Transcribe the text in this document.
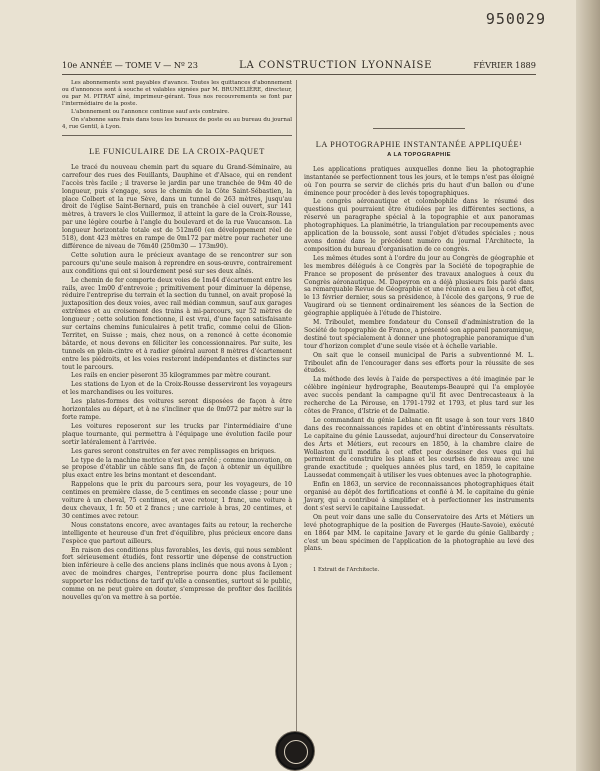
950029
10e ANNÉE — TOME V — Nº 23	LA CONSTRUCTION LYONNAISE	FÉVRIER 1889

Les abonnements sont payables d'avance. Toutes les quittances d'abonnement ou d'annonces sont à souche et valables signées par M. BRUNELIÈRE, directeur, ou par M. PITRAT aîné, imprimeur-gérant. Tous nos recouvrements se font par l'intermédiaire de la poste.

L'abonnement ou l'annonce continue sauf avis contraire.

On s'abonne sans frais dans tous les bureaux de poste ou au bureau du journal 4, rue Gentil, à Lyon.

LE FUNICULAIRE DE LA CROIX-PAQUET

Le tracé du nouveau chemin part du square du Grand-Séminaire, au carrefour des rues des Feuillants, Dauphine et d'Alsace, qui en rendent l'accès très facile ; il traverse le jardin par une tranchée de 94m 40 de longueur, puis s'engage, sous le chemin de la Côte Saint-Sébastien, la place Colbert et la rue Sève, dans un tunnel de 263 mètres, jusqu'au droit de l'église Saint-Bernard, puis en tranchée à ciel ouvert, sur 141 mètres, à travers le clos Vuillermoz, il atteint la gare de la Croix-Rousse, par une légère courbe à l'angle du boulevard et de la rue Vaucanson. La longueur horizontale totale est de 512m60 (en développement réel de 518), dont 423 mètres en rampe de 0m172 par mètre pour racheter une différence de niveau de 76m40 (250m30 — 173m90).

Cette solution aura le précieux avantage de se rencontrer sur son parcours qu'une seule maison à reprendre en sous-œuvre, contrairement aux conditions qui ont si lourdement pesé sur ses deux aînés.

Le chemin de fer comporte deux voies de 1m44 d'écartement entre les rails, avec 1m00 d'entrevoie ; primitivement pour diminuer la dépense, réduire l'entreprise du terrain et la section du tunnel, on avait proposé la juxtaposition des deux voies, avec rail médian commun, sauf aux garages extrêmes et au croisement des trains à mi-parcours, sur 52 mètres de longueur ; cette solution fonctionne, il est vrai, d'une façon satisfaisante sur certains chemins funiculaires à petit trafic, comme celui de Glion-Territet, en Suisse ; mais, chez nous, on a renoncé à cette économie bâtarde, et nous devons en féliciter les concessionnaires. Par suite, les tunnels en plein-cintre et à radier général auront 8 mètres d'écartement entre les piédroits, et les voies resteront indépendantes et distinctes sur tout le parcours.

Les rails en encier pèseront 35 kilogrammes par mètre courant.

Les stations de Lyon et de la Croix-Rousse desserviront les voyageurs et les marchandises ou les voitures.

Les plates-formes des voitures seront disposées de façon à être horizontales au départ, et à ne s'incliner que de 0m072 par mètre sur la forte rampe.

Les voitures reposeront sur les trucks par l'intermédiaire d'une plaque tournante, qui permettra à l'équipage une évolution facile pour sortir latéralement à l'arrivée.

Les gares seront construites en fer avec remplissages en briques.

Le type de la machine motrice n'est pas arrêté ; comme innovation, on se propose d'établir un câble sans fin, de façon à obtenir un équilibre plus exact entre les brins montant et descendant.

Rappelons que le prix du parcours sera, pour les voyageurs, de 10 centimes en première classe, de 5 centimes en seconde classe ; pour une voiture à un cheval, 75 centimes, et avec retour, 1 franc, une voiture à deux chevaux, 1 fr. 50 et 2 francs ; une carriole à bras, 20 centimes, et 30 centimes avec retour.

Nous constatons encore, avec avantages faits au retour, la recherche intelligente et heureuse d'un fret d'équilibre, plus précieux encore dans l'espèce que partout ailleurs.

En raison des conditions plus favorables, les devis, qui nous semblent fort sérieusement étudiés, font ressortir une dépense de construction bien inférieure à celle des anciens plans inclinés que nous avons à Lyon ; avec de moindres charges, l'entreprise pourra donc plus facilement supporter les réductions de tarif qu'elle a consenties, surtout si le public, comme on ne peut guère en douter, s'empresse de profiter des facilités nouvelles qu'on va mettre à sa portée.

LA PHOTOGRAPHIE INSTANTANÉE APPLIQUÉE¹
A LA TOPOGRAPHIE

Les applications pratiques auxquelles donne lieu la photographie instantanée se perfectionnent tous les jours, et le temps n'est pas éloigné où l'on pourra se servir de clichés pris du haut d'un ballon ou d'une éminence pour procéder à des levés topographiques.

Le congrès aéronautique et colombophile dans le résumé des questions qui pourraient être étudiées par les différentes sections, a réservé un paragraphe spécial à la topographie et aux panoramas photographiques. La planimétrie, la triangulation par recoupements avec application de la boussole, sont aussi l'objet d'études spéciales ; nous avons donné dans le précédent numéro du journal l'Architecte, la composition du bureau d'organisation de ce congrès.

Les mêmes études sont à l'ordre du jour au Congrès de géographie et les membres délégués à ce Congrès par la Société de topographie de France se proposent de présenter des travaux analogues à ceux du Congrès aéronautique. M. Dapeyron en a déjà plusieurs fois parlé dans sa remarquable Revue de Géographie et une réunion a eu lieu à cet effet, le 13 février dernier, sous sa présidence, à l'école des garçons, 9 rue de Vaugirard où se tiennent ordinairement les séances de la Section de géographie appliquée à l'étude de l'histoire.

M. Triboulet, membre fondateur du Conseil d'administration de la Société de topographie de France, a présenté son appareil panoramique, destiné tout spécialement à donner une photographie panoramique d'un tour d'horizon complet d'une seule visée et à échelle variable.

On sait que le conseil municipal de Paris a subventionné M. L. Triboulet afin de l'encourager dans ses efforts pour la réussite de ses études.

La méthode des levés à l'aide de perspectives a été imaginée par le célèbre ingénieur hydrographe, Beautemps-Beaupré qui l'a employée avec succès pendant la campagne qu'il fit avec Dentrecasteaux à la recherche de La Pérouse, en 1791-1792 et 1793, et plus tard sur les côtes de France, d'Istrie et de Dalmatie.

Le commandant du génie Leblanc en fit usage à son tour vers 1840 dans des reconnaissances rapides et en obtint d'intéressants résultats. Le capitaine du génie Laussedat, aujourd'hui directeur du Conservatoire des Arts et Métiers, eut recours en 1850, à la chambre claire de Wollaston qu'il modifia à cet effet pour dessiner des vues qui lui permirent de construire les plans et les courbes de niveau avec une grande exactitude ; quelques années plus tard, en 1859, le capitaine Laussedat commençait à utiliser les vues obtenues avec la photographie.

Enfin en 1863, un service de reconnaissances photographiques était organisé au dépôt des fortifications et confié à M. le capitaine du génie Javary, qui a contribué à simplifier et à perfectionner les instruments dont s'est servi le capitaine Laussedat.

On peut voir dans une salle du Conservatoire des Arts et Métiers un levé photographique de la position de Faverges (Haute-Savoie), exécuté en 1864 par MM. le capitaine Javary et le garde du génie Galibardy ; c'est un beau spécimen de l'application de la photographie au levé des plans.

1 Extrait de l'Architecte.
